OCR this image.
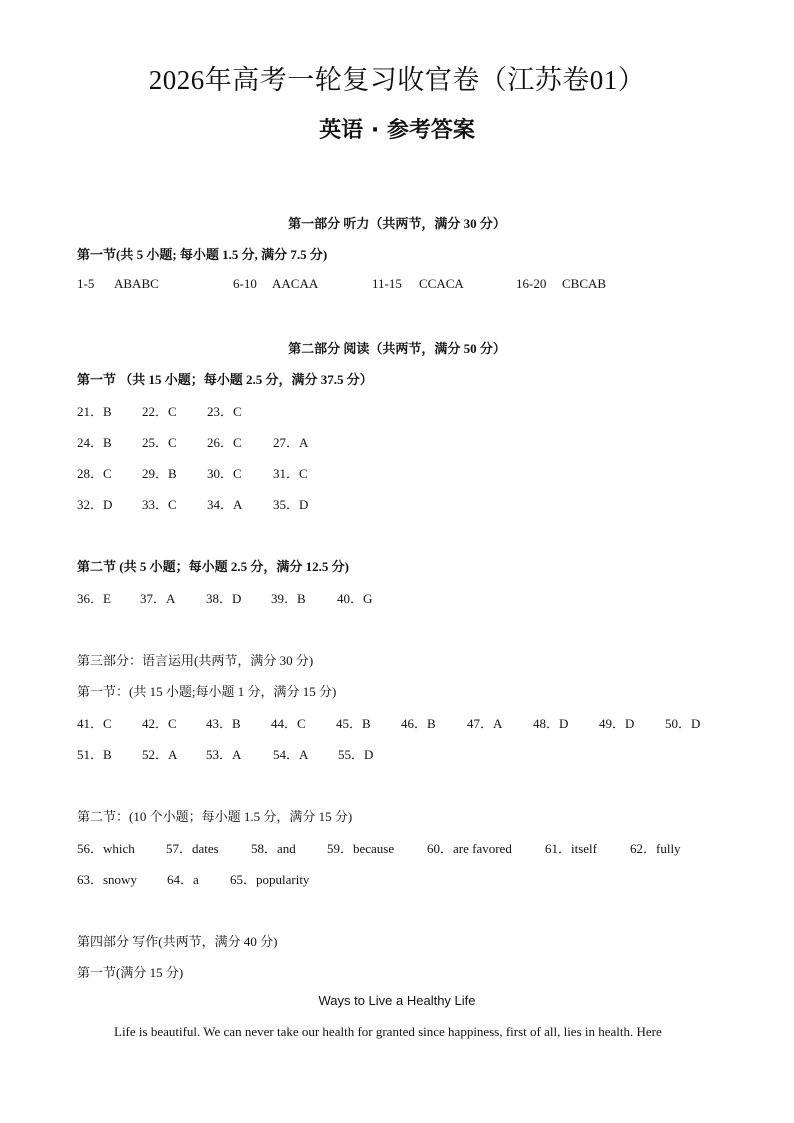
2026年高考一轮复习收官卷（江苏卷01）
英语 · 参考答案
第一部分 听力（共两节，满分 30 分）
第一节(共 5 小题; 每小题 1.5 分, 满分 7.5 分)
1-5 ABABC	6-10 AACAA	11-15 CCACA	16-20 CBCAB
第二部分 阅读（共两节，满分 50 分）
第一节 （共 15 小题；每小题 2.5 分，满分 37.5 分）
21．B 22．C 23．C
24．B 25．C 26．C 27．A
28．C 29．B 30．C 31．C
32．D 33．C 34．A 35．D
第二节 (共 5 小题；每小题 2.5 分，满分 12.5 分)
36．E 37．A 38．D 39．B 40．G
第三部分：语言运用(共两节，满分 30 分)
第一节：(共 15 小题;每小题 1 分，满分 15 分)
41．C 42．C 43．B 44．C 45．B 46．B 47．A 48．D 49．D 50．D
51．B 52．A 53．A 54．A 55．D
第二节：(10 个小题；每小题 1.5 分，满分 15 分)
56．which 57．dates 58．and 59．because	60．are favored	61．itself	62．fully
63．snowy 64．a 65．popularity
第四部分 写作(共两节，满分 40 分)
第一节(满分 15 分)
Ways to Live a Healthy Life
Life is beautiful. We can never take our health for granted since happiness, first of all, lies in health. Here
